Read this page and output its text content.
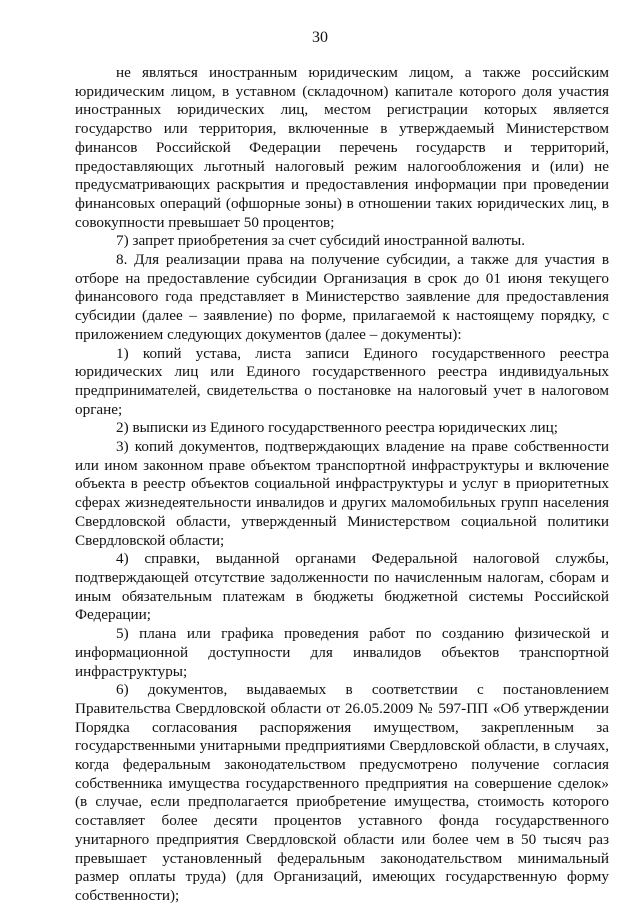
30

не являться иностранным юридическим лицом, а также российским юридическим лицом, в уставном (складочном) капитале которого доля участия иностранных юридических лиц, местом регистрации которых является государство или территория, включенные в утверждаемый Министерством финансов Российской Федерации перечень государств и территорий, предоставляющих льготный налоговый режим налогообложения и (или) не предусматривающих раскрытия и предоставления информации при проведении финансовых операций (офшорные зоны) в отношении таких юридических лиц, в совокупности превышает 50 процентов;

7) запрет приобретения за счет субсидий иностранной валюты.

8. Для реализации права на получение субсидии, а также для участия в отборе на предоставление субсидии Организация в срок до 01 июня текущего финансового года представляет в Министерство заявление для предоставления субсидии (далее – заявление) по форме, прилагаемой к настоящему порядку, с приложением следующих документов (далее – документы):

1) копий устава, листа записи Единого государственного реестра юридических лиц или Единого государственного реестра индивидуальных предпринимателей, свидетельства о постановке на налоговый учет в налоговом органе;

2) выписки из Единого государственного реестра юридических лиц;

3) копий документов, подтверждающих владение на праве собственности или ином законном праве объектом транспортной инфраструктуры и включение объекта в реестр объектов социальной инфраструктуры и услуг в приоритетных сферах жизнедеятельности инвалидов и других маломобильных групп населения Свердловской области, утвержденный Министерством социальной политики Свердловской области;

4) справки, выданной органами Федеральной налоговой службы, подтверждающей отсутствие задолженности по начисленным налогам, сборам и иным обязательным платежам в бюджеты бюджетной системы Российской Федерации;

5) плана или графика проведения работ по созданию физической и информационной доступности для инвалидов объектов транспортной инфраструктуры;

6) документов, выдаваемых в соответствии с постановлением Правительства Свердловской области от 26.05.2009 № 597-ПП «Об утверждении Порядка согласования распоряжения имуществом, закрепленным за государственными унитарными предприятиями Свердловской области, в случаях, когда федеральным законодательством предусмотрено получение согласия собственника имущества государственного предприятия на совершение сделок» (в случае, если предполагается приобретение имущества, стоимость которого составляет более десяти процентов уставного фонда государственного унитарного предприятия Свердловской области или более чем в 50 тысяч раз превышает установленный федеральным законодательством минимальный размер оплаты труда) (для Организаций, имеющих государственную форму собственности);
